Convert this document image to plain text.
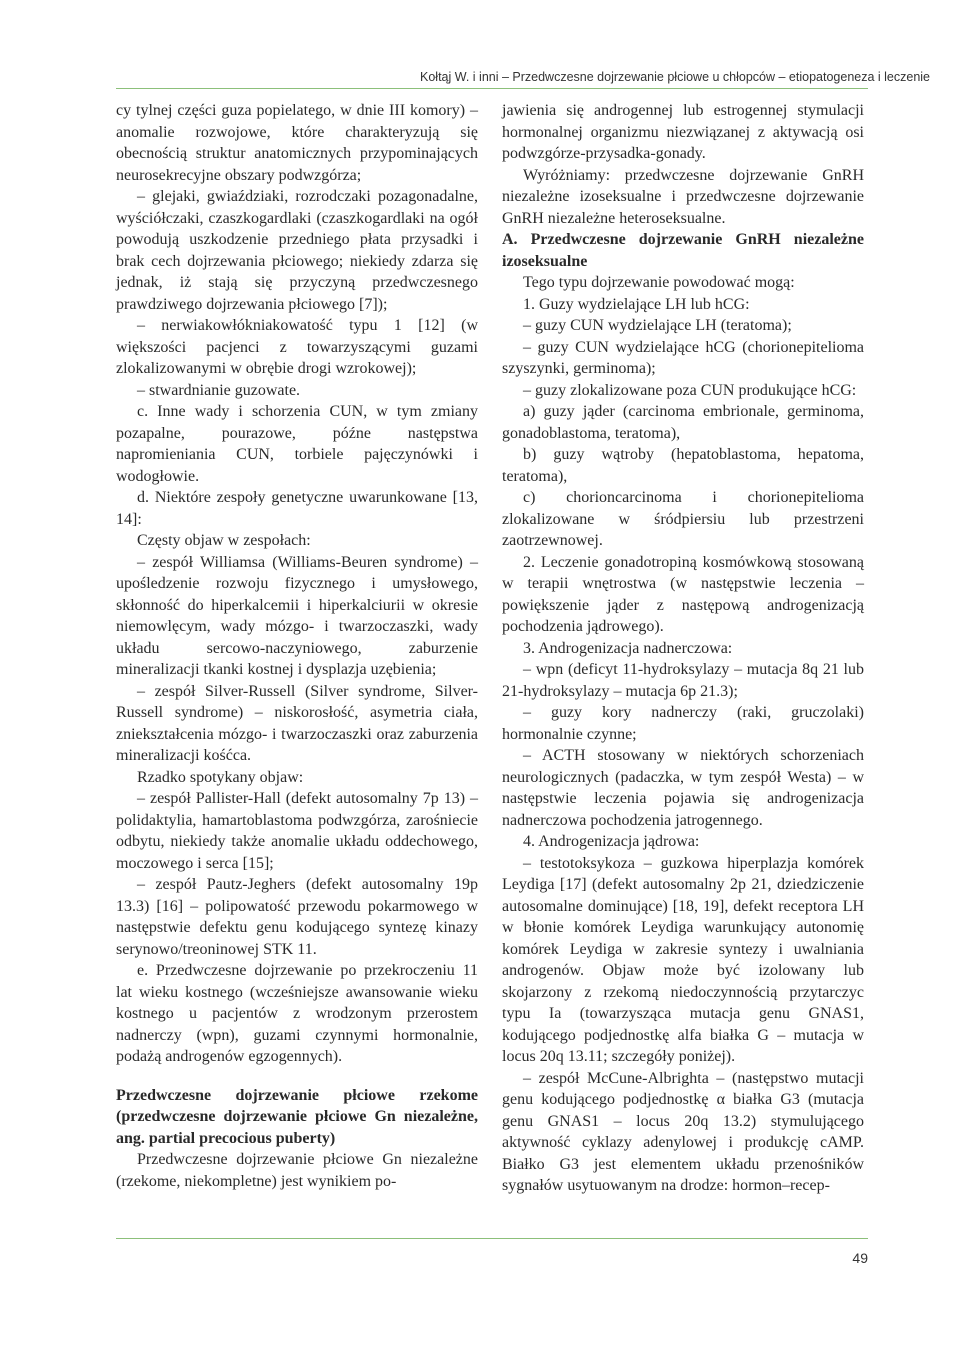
Kołtąj W. i inni – Przedwczesne dojrzewanie płciowe u chłopców – etiopatogeneza i leczenie

cy tylnej części guza popielatego, w dnie III komory) – anomalie rozwojowe, które charakteryzują się obecnością struktur anatomicznych przypominających neurosekrecyjne obszary podwzgórza;

– glejaki, gwiaździaki, rozrodczaki pozagonadalne, wyściółczaki, czaszkogardlaki (czaszkogardlaki na ogół powodują uszkodzenie przedniego płata przysadki i brak cech dojrzewania płciowego; niekiedy zdarza się jednak, iż stają się przyczyną przedwczesnego prawdziwego dojrzewania płciowego [7]);

– nerwiakowłókniakowatość typu 1 [12] (w większości pacjenci z towarzyszącymi guzami zlokalizowanymi w obrębie drogi wzrokowej);

– stwardnianie guzowate.

c. Inne wady i schorzenia CUN, w tym zmiany pozapalne, pourazowe, późne następstwa napromieniania CUN, torbiele pajęczynówki i wodogłowie.

d. Niektóre zespoły genetyczne uwarunkowane [13, 14]:

Częsty objaw w zespołach:

– zespół Williamsa (Williams-Beuren syndrome) – upośledzenie rozwoju fizycznego i umysłowego, skłonność do hiperkalcemii i hiperkalciurii w okresie niemowlęcym, wady mózgo- i twarzoczaszki, wady układu sercowo-naczyniowego, zaburzenie mineralizacji tkanki kostnej i dysplazja uzębienia;

– zespół Silver-Russell (Silver syndrome, Silver-Russell syndrome) – niskorosłość, asymetria ciała, zniekształcenia mózgo- i twarzoczaszki oraz zaburzenia mineralizacji kośćca.

Rzadko spotykany objaw:

– zespół Pallister-Hall (defekt autosomalny 7p 13) – polidaktylia, hamartoblastoma podwzgórza, zarośniecie odbytu, niekiedy także anomalie układu oddechowego, moczowego i serca [15];

– zespół Pautz-Jeghers (defekt autosomalny 19p 13.3) [16] – polipowatość przewodu pokarmowego w następstwie defektu genu kodującego syntezę kinazy serynowo/treoninowej STK 11.

e. Przedwczesne dojrzewanie po przekroczeniu 11 lat wieku kostnego (wcześniejsze awansowanie wieku kostnego u pacjentów z wrodzonym przerostem nadnerczy (wpn), guzami czynnymi hormonalnie, podażą androgenów egzogennych).

Przedwczesne dojrzewanie płciowe rzekome (przedwczesne dojrzewanie płciowe Gn niezależne, ang. partial precocious puberty)

Przedwczesne dojrzewanie płciowe Gn niezależne (rzekome, niekompletne) jest wynikiem po-

jawienia się androgennej lub estrogennej stymulacji hormonalnej organizmu niezwiązanej z aktywacją osi podwzgórze-przysadka-gonady.

Wyróżniamy: przedwczesne dojrzewanie GnRH niezależne izoseksualne i przedwczesne dojrzewanie GnRH niezależne heteroseksualne.

A. Przedwczesne dojrzewanie GnRH niezależne izoseksualne

Tego typu dojrzewanie powodować mogą:

1. Guzy wydzielające LH lub hCG:

– guzy CUN wydzielające LH (teratoma);

– guzy CUN wydzielające hCG (chorionepitelioma szyszynki, germinoma);

– guzy zlokalizowane poza CUN produkujące hCG:

a) guzy jąder (carcinoma embrionale, germinoma, gonadoblastoma, teratoma),

b) guzy wątroby (hepatoblastoma, hepatoma, teratoma),

c) chorioncarcinoma i chorionepitelioma zlokalizowane w śródpiersiu lub przestrzeni zaotrzewnowej.

2. Leczenie gonadotropiną kosmówkową stosowaną w terapii wnętrostwa (w następstwie leczenia – powiększenie jąder z następową androgenizacją pochodzenia jądrowego).

3. Androgenizacja nadnerczowa:

– wpn (deficyt 11-hydroksylazy – mutacja 8q 21 lub 21-hydroksylazy – mutacja 6p 21.3);

– guzy kory nadnerczy (raki, gruczolaki) hormonalnie czynne;

– ACTH stosowany w niektórych schorzeniach neurologicznych (padaczka, w tym zespół Westa) – w następstwie leczenia pojawia się androgenizacja nadnerczowa pochodzenia jatrogennego.

4. Androgenizacja jądrowa:

– testotoksykoza – guzkowa hiperplazja komórek Leydiga [17] (defekt autosomalny 2p 21, dziedziczenie autosomalne dominujące) [18, 19], defekt receptora LH w błonie komórek Leydiga warunkujący autonomię komórek Leydiga w zakresie syntezy i uwalniania androgenów. Objaw może być izolowany lub skojarzony z rzekomą niedoczynnością przytarczyc typu Ia (towarzysząca mutacja genu GNAS1, kodującego podjednostkę alfa białka G – mutacja w locus 20q 13.11; szczegóły poniżej).

– zespół McCune-Albrighta – (następstwo mutacji genu kodującego podjednostkę α białka G3 (mutacja genu GNAS1 – locus 20q 13.2) stymulującego aktywność cyklazy adenylowej i produkcję cAMP. Białko G3 jest elementem układu przenośników sygnałów usytuowanym na drodze: hormon–recep-

49
